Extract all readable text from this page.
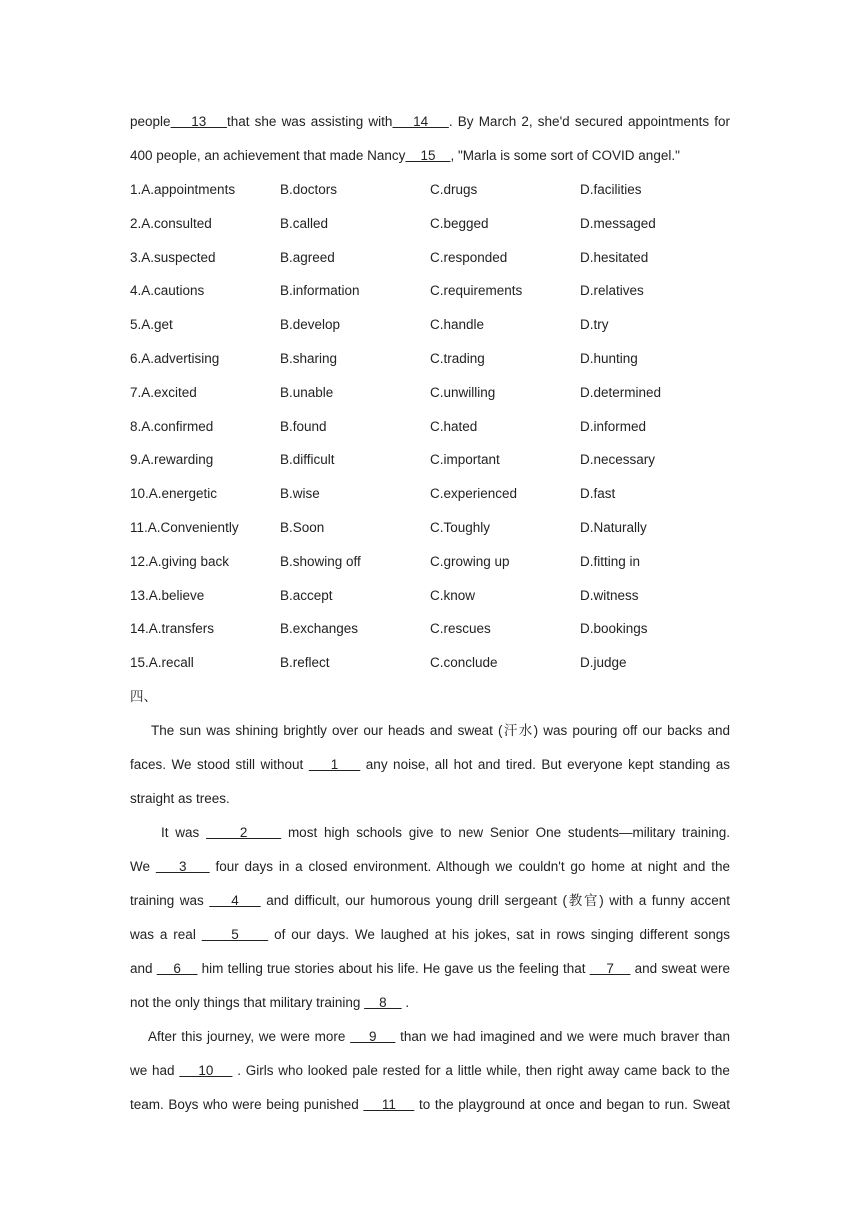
people    13    that she was assisting with    14    . By March 2, she'd secured appointments for
400 people, an achievement that made Nancy    15    , "Marla is some sort of COVID angel."
1.A.appointments	B.doctors	C.drugs	D.facilities
2.A.consulted	B.called	C.begged	D.messaged
3.A.suspected	B.agreed	C.responded	D.hesitated
4.A.cautions	B.information	C.requirements	D.relatives
5.A.get	B.develop	C.handle	D.try
6.A.advertising	B.sharing	C.trading	D.hunting
7.A.excited	B.unable	C.unwilling	D.determined
8.A.confirmed	B.found	C.hated	D.informed
9.A.rewarding	B.difficult	C.important	D.necessary
10.A.energetic	B.wise	C.experienced	D.fast
11.A.Conveniently	B.Soon	C.Toughly	D.Naturally
12.A.giving back	B.showing off	C.growing up	D.fitting in
13.A.believe	B.accept	C.know	D.witness
14.A.transfers	B.exchanges	C.rescues	D.bookings
15.A.recall	B.reflect	C.conclude	D.judge
四、
The sun was shining brightly over our heads and sweat (汗水) was pouring off our backs and
faces. We stood still without     1     any noise, all hot and tired. But everyone kept standing as
straight as trees.
It was      2      most high schools give to new Senior One students—military training.
We     3     four days in a closed environment. Although we couldn't go home at night and the
training was     4     and difficult, our humorous young drill sergeant (教官) with a funny accent
was a real      5      of our days. We laughed at his jokes, sat in rows singing different songs
and     6     him telling true stories about his life. He gave us the feeling that     7     and sweat were
not the only things that military training     8     .
After this journey, we were more     9     than we had imagined and we were much braver than
we had     10     . Girls who looked pale rested for a little while, then right away came back to the
team. Boys who were being punished     11     to the playground at once and began to run. Sweat
